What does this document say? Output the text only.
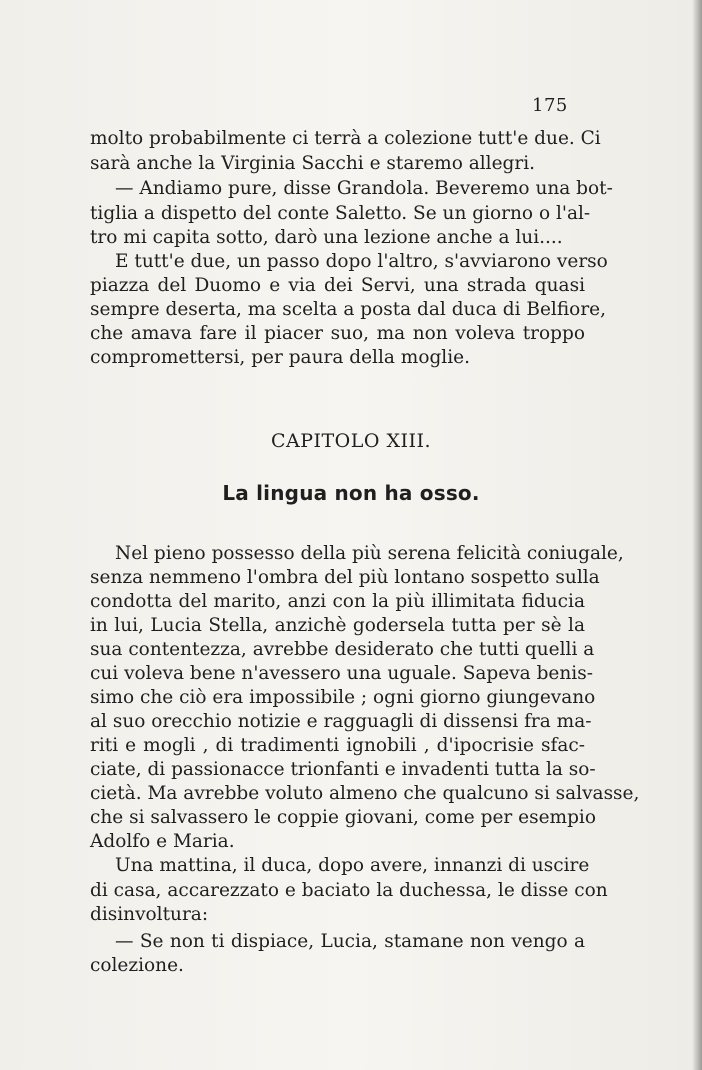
175
molto probabilmente ci terrà a colezione tutt'e due. Ci
sarà anche la Virginia Sacchi e staremo allegri.
— Andiamo pure, disse Grandola. Beveremo una bot-
tiglia a dispetto del conte Saletto. Se un giorno o l'al-
tro mi capita sotto, darò una lezione anche a lui....
E tutt'e due, un passo dopo l'altro, s'avviarono verso
piazza del Duomo e via dei Servi, una strada quasi
sempre deserta, ma scelta a posta dal duca di Belfiore,
che amava fare il piacer suo, ma non voleva troppo
compromettersi, per paura della moglie.
CAPITOLO XIII.
La lingua non ha osso.
Nel pieno possesso della più serena felicità coniugale,
senza nemmeno l'ombra del più lontano sospetto sulla
condotta del marito, anzi con la più illimitata fiducia
in lui, Lucia Stella, anzichè godersela tutta per sè la
sua contentezza, avrebbe desiderato che tutti quelli a
cui voleva bene n'avessero una uguale. Sapeva benis-
simo che ciò era impossibile ; ogni giorno giungevano
al suo orecchio notizie e ragguagli di dissensi fra ma-
riti e mogli , di tradimenti ignobili , d'ipocrisie sfac-
ciate, di passionacce trionfanti e invadenti tutta la so-
cietà. Ma avrebbe voluto almeno che qualcuno si salvasse,
che si salvassero le coppie giovani, come per esempio
Adolfo e Maria.
Una mattina, il duca, dopo avere, innanzi di uscire
di casa, accarezzato e baciato la duchessa, le disse con
disinvoltura:
— Se non ti dispiace, Lucia, stamane non vengo a
colezione.
